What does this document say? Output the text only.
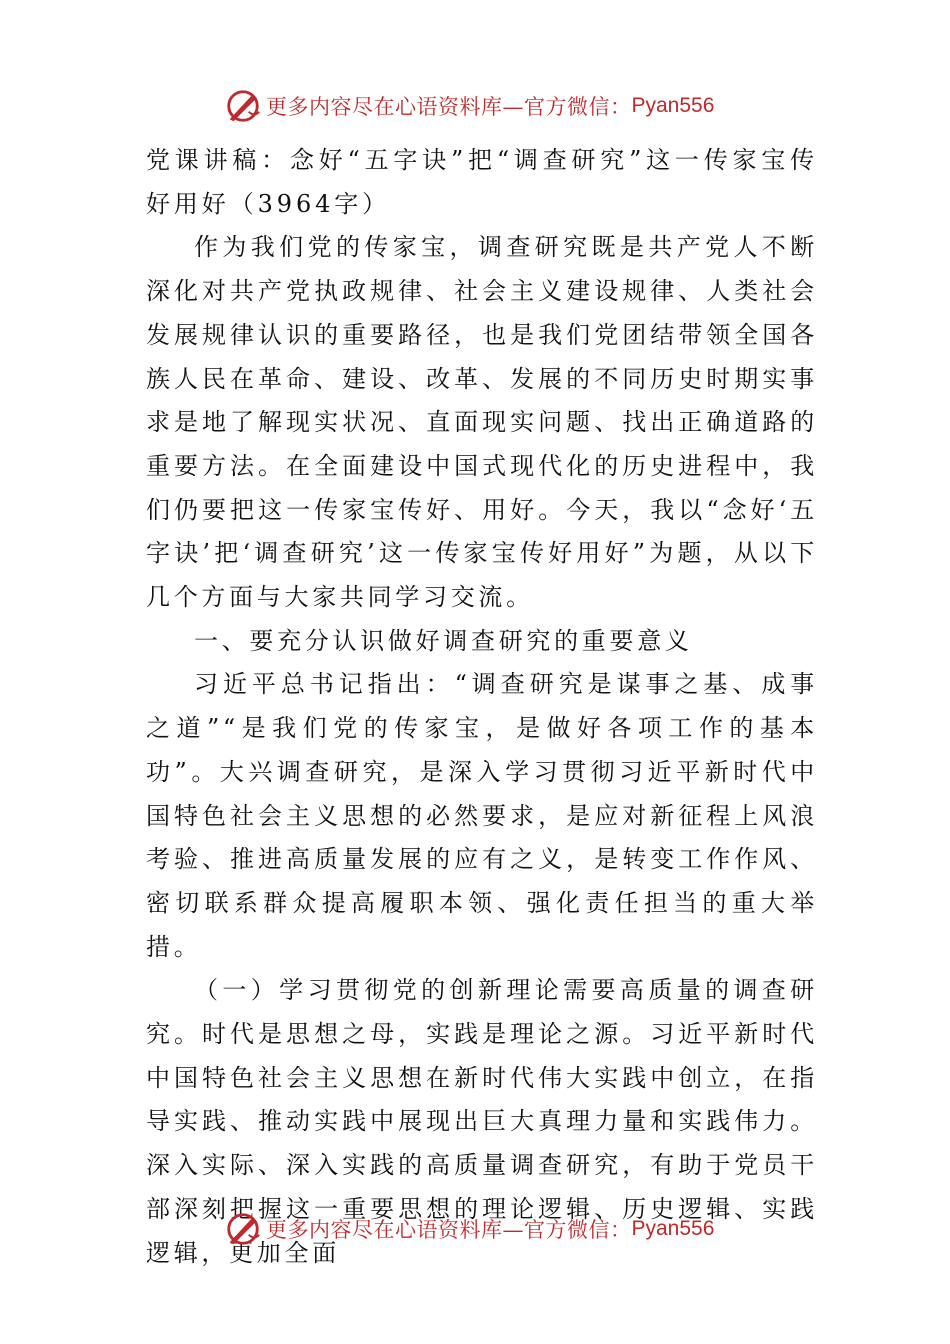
更多内容尽在心语资料库—官方微信： Pyan556

党课讲稿：念好“五字诀”把“调查研究”这一传家宝传好用好（3964字）

作为我们党的传家宝，调查研究既是共产党人不断深化对共产党执政规律、社会主义建设规律、人类社会发展规律认识的重要路径，也是我们党团结带领全国各族人民在革命、建设、改革、发展的不同历史时期实事求是地了解现实状况、直面现实问题、找出正确道路的重要方法。在全面建设中国式现代化的历史进程中，我们仍要把这一传家宝传好、用好。今天，我以“念好‘五字诀’把‘调查研究’这一传家宝传好用好”为题，从以下几个方面与大家共同学习交流。

一、要充分认识做好调查研究的重要意义

习近平总书记指出：“调查研究是谋事之基、成事之道”“是我们党的传家宝，是做好各项工作的基本功”。大兴调查研究，是深入学习贯彻习近平新时代中国特色社会主义思想的必然要求，是应对新征程上风浪考验、推进高质量发展的应有之义，是转变工作作风、密切联系群众提高履职本领、强化责任担当的重大举措。

（一）学习贯彻党的创新理论需要高质量的调查研究。时代是思想之母，实践是理论之源。习近平新时代中国特色社会主义思想在新时代伟大实践中创立，在指导实践、推动实践中展现出巨大真理力量和实践伟力。深入实际、深入实践的高质量调查研究，有助于党员干部深刻把握这一重要思想的理论逻辑、历史逻辑、实践逻辑，更加全面

更多内容尽在心语资料库—官方微信： Pyan556
